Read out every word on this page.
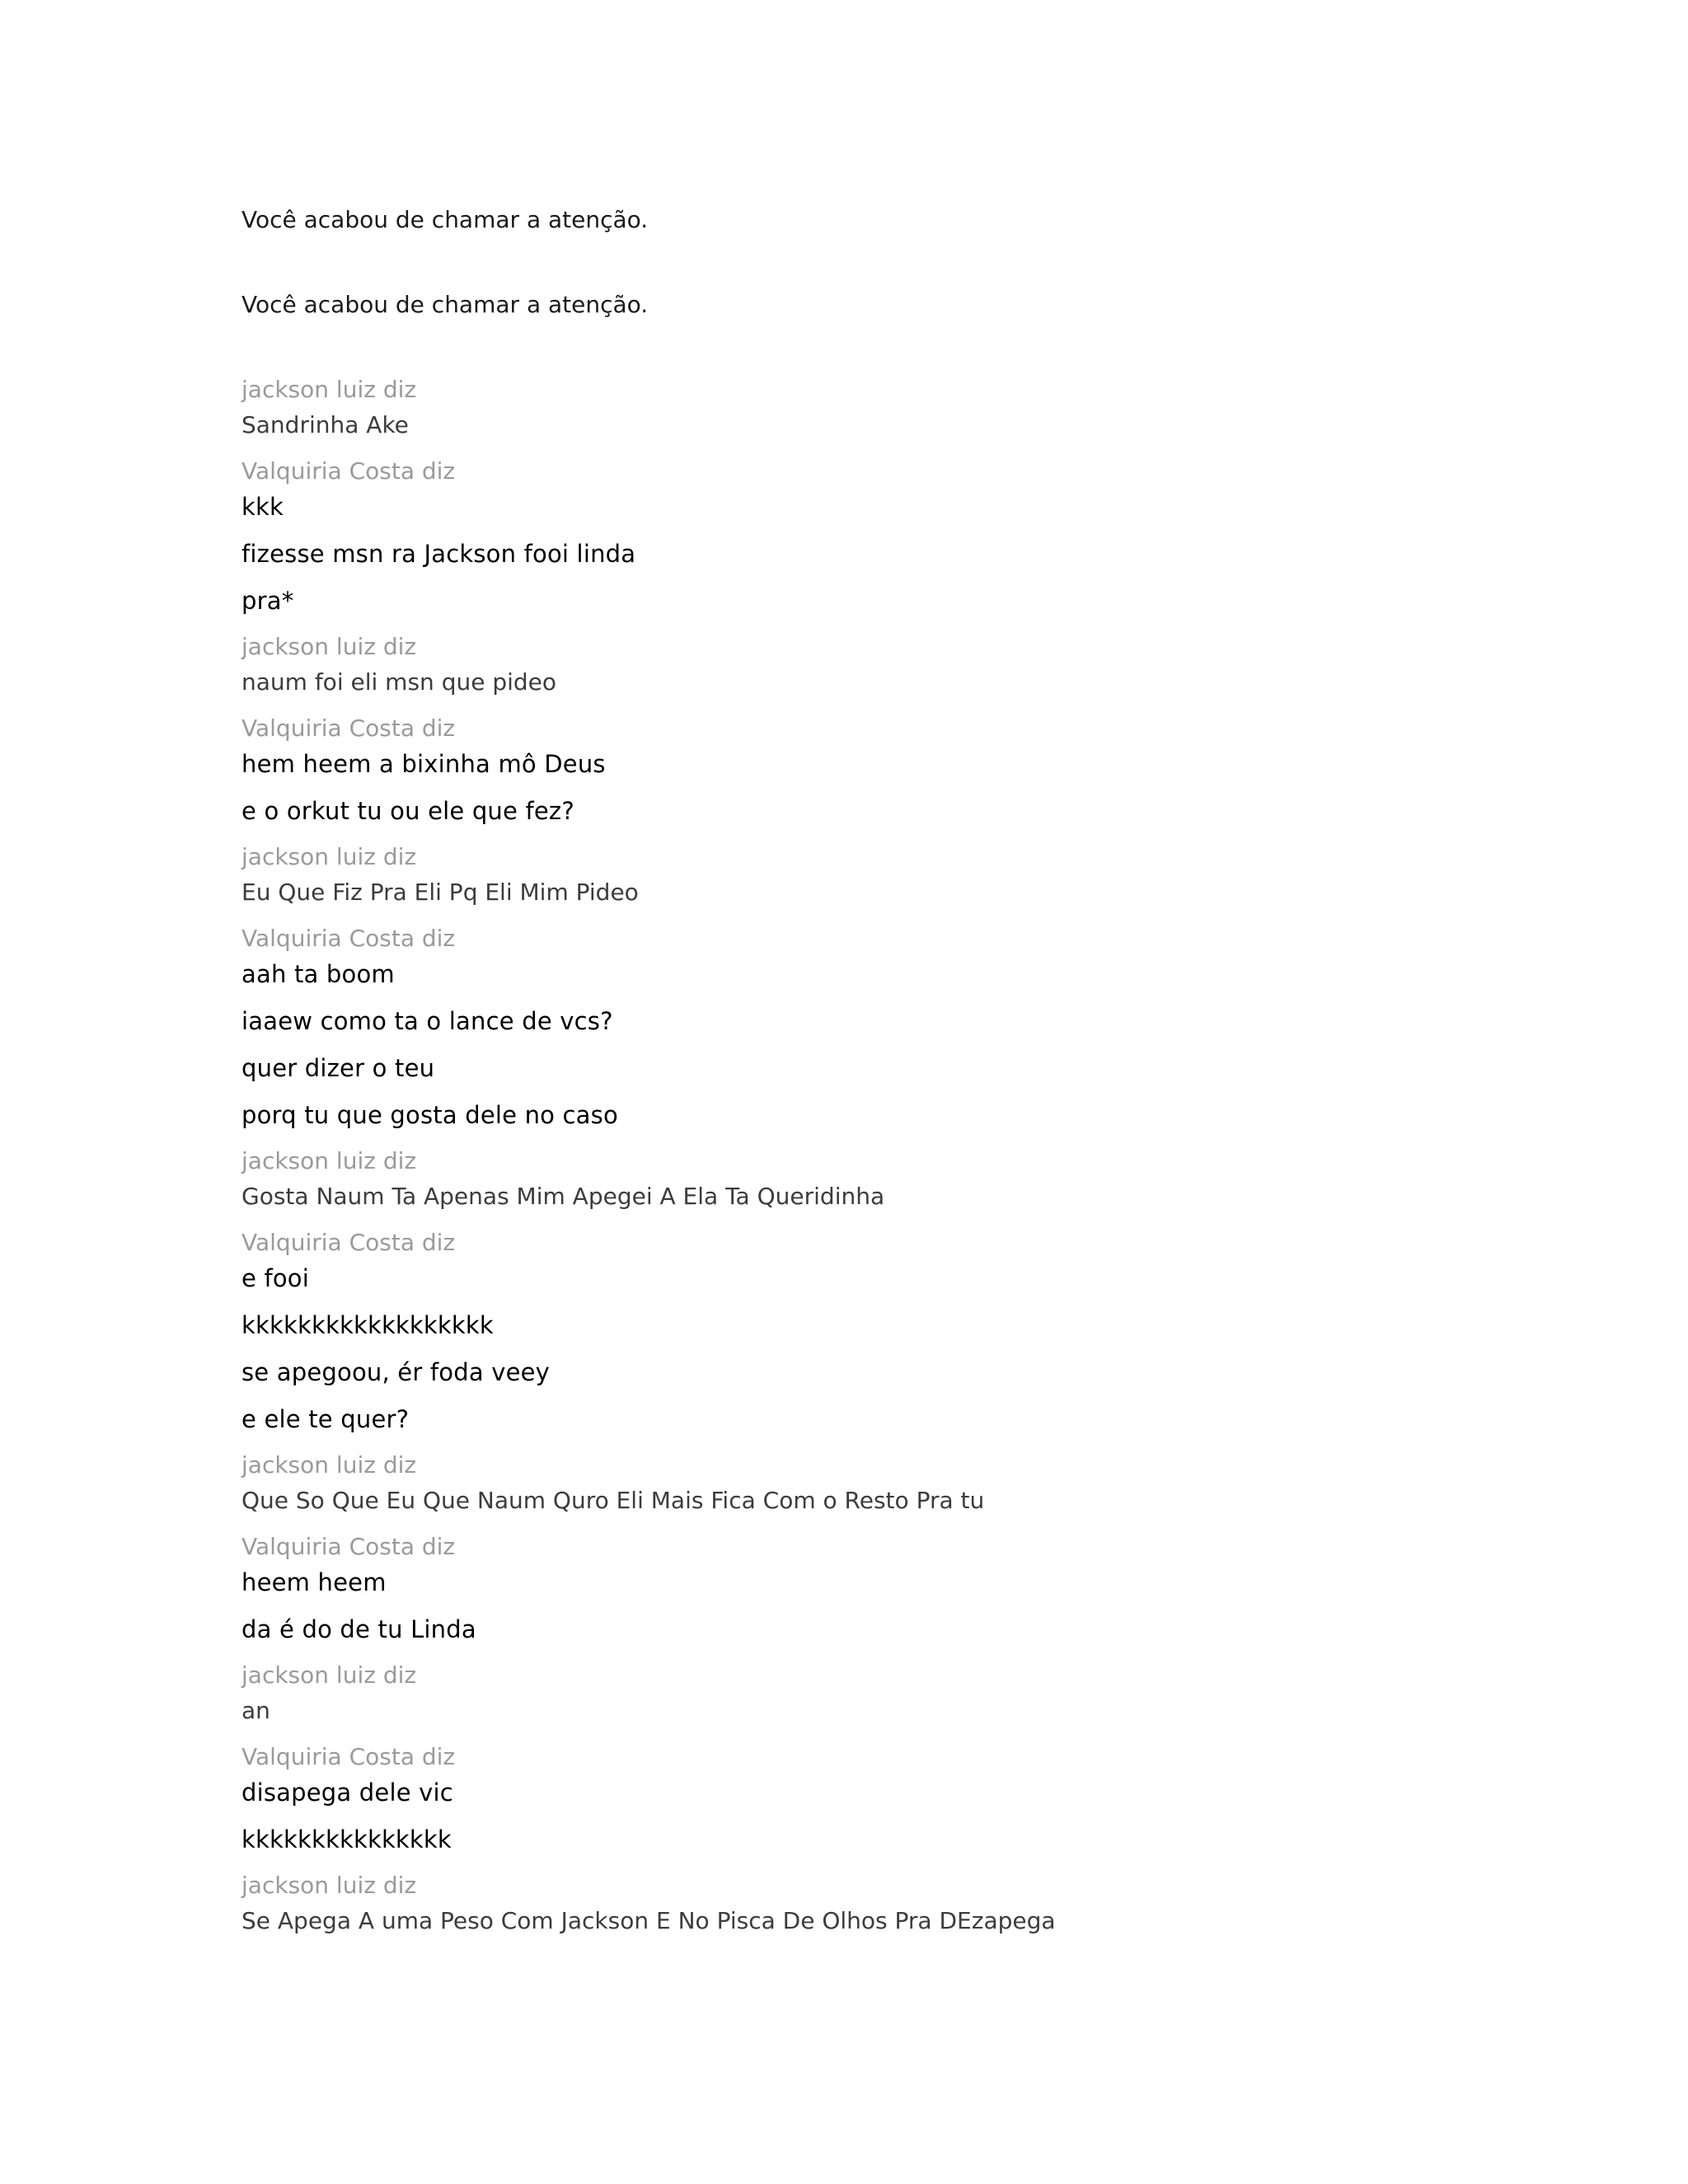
Você acabou de chamar a atenção.
Você acabou de chamar a atenção.
jackson luiz diz
Sandrinha Ake
Valquiria Costa diz
kkk
fizesse msn ra Jackson fooi linda
pra*
jackson luiz diz
naum foi eli msn que pideo
Valquiria Costa diz
hem heem a bixinha mô Deus
e o orkut tu ou ele que fez?
jackson luiz diz
Eu Que Fiz Pra Eli Pq Eli Mim Pideo
Valquiria Costa diz
aah ta boom
iaaew como ta o lance de vcs?
quer dizer o teu
porq tu que gosta dele no caso
jackson luiz diz
Gosta Naum Ta Apenas Mim Apegei A Ela Ta Queridinha
Valquiria Costa diz
e fooi
kkkkkkkkkkkkkkkkkk
se apegoou, ér foda veey
e ele te quer?
jackson luiz diz
Que So Que Eu Que Naum Quro Eli Mais Fica Com o Resto Pra tu
Valquiria Costa diz
heem heem
da é do de tu Linda
jackson luiz diz
an
Valquiria Costa diz
disapega dele vic
kkkkkkkkkkkkkkk
jackson luiz diz
Se Apega A uma Peso Com Jackson E No Pisca De Olhos Pra DEzapega
